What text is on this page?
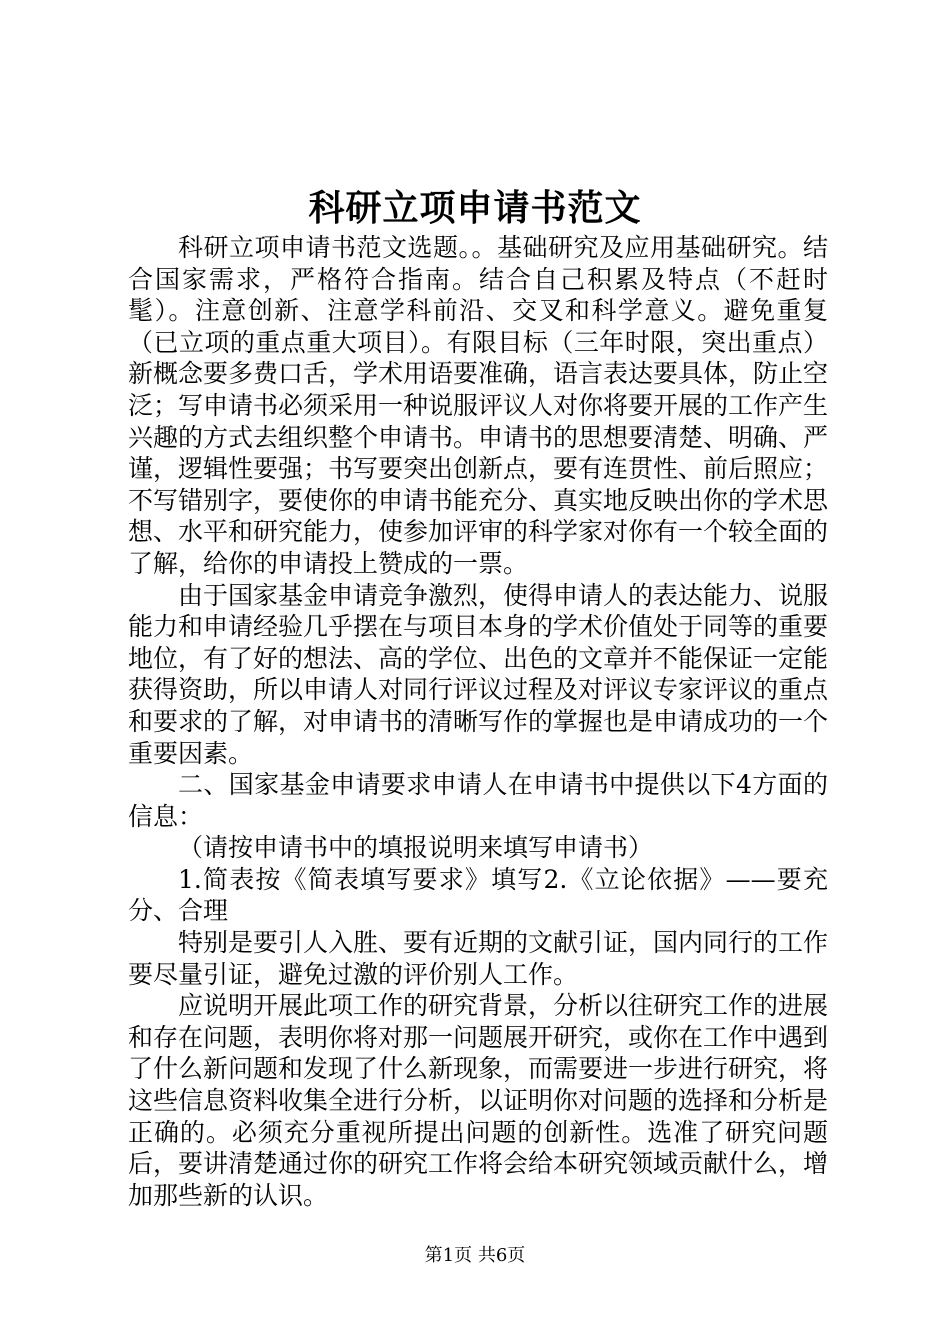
科研立项申请书范文

科研立项申请书范文选题。。基础研究及应用基础研究。结合国家需求，严格符合指南。结合自己积累及特点（不赶时髦）。注意创新、注意学科前沿、交叉和科学意义。避免重复（已立项的重点重大项目）。有限目标（三年时限，突出重点）新概念要多费口舌，学术用语要准确，语言表达要具体，防止空泛；写申请书必须采用一种说服评议人对你将要开展的工作产生兴趣的方式去组织整个申请书。申请书的思想要清楚、明确、严谨，逻辑性要强；书写要突出创新点，要有连贯性、前后照应；不写错别字，要使你的申请书能充分、真实地反映出你的学术思想、水平和研究能力，使参加评审的科学家对你有一个较全面的了解，给你的申请投上赞成的一票。

由于国家基金申请竞争激烈，使得申请人的表达能力、说服能力和申请经验几乎摆在与项目本身的学术价值处于同等的重要地位，有了好的想法、高的学位、出色的文章并不能保证一定能获得资助，所以申请人对同行评议过程及对评议专家评议的重点和要求的了解，对申请书的清晰写作的掌握也是申请成功的一个重要因素。

二、国家基金申请要求申请人在申请书中提供以下4方面的信息：

（请按申请书中的填报说明来填写申请书）

1.简表按《简表填写要求》填写2.《立论依据》——要充分、合理

特别是要引人入胜、要有近期的文献引证，国内同行的工作要尽量引证，避免过激的评价别人工作。

应说明开展此项工作的研究背景，分析以往研究工作的进展和存在问题，表明你将对那一问题展开研究，或你在工作中遇到了什么新问题和发现了什么新现象，而需要进一步进行研究，将这些信息资料收集全进行分析，以证明你对问题的选择和分析是正确的。必须充分重视所提出问题的创新性。选准了研究问题后，要讲清楚通过你的研究工作将会给本研究领域贡献什么，增加那些新的认识。

第1页 共6页
